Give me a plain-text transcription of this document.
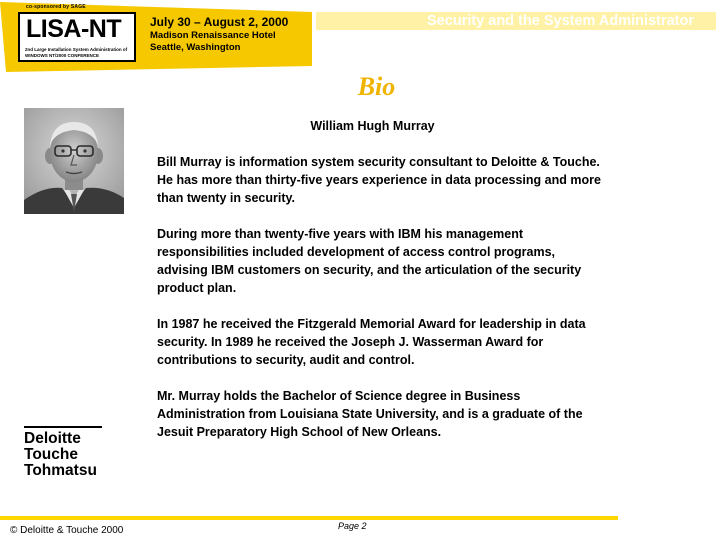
co-sponsored by SAGE
LISA-NT
2nd Large Installation System Administration of WINDOWS NT/2000 CONFERENCE
July 30 – August 2, 2000
Madison Renaissance Hotel
Seattle, Washington
Security and the System Administrator
Bio
William Hugh Murray

Bill Murray is information system security consultant to Deloitte & Touche. He has more than thirty-five years experience in data processing and more than twenty in security.

During more than twenty-five years with IBM his management responsibilities included development of access control programs, advising IBM customers on security, and the articulation of the security product plan.

In 1987 he received the Fitzgerald Memorial Award for leadership in data security. In 1989 he received the Joseph J. Wasserman Award for contributions to security, audit and control.

Mr. Murray holds the Bachelor of Science degree in Business Administration from Louisiana State University, and is a graduate of the Jesuit Preparatory High School of New Orleans.

Deloitte
Touche
Tohmatsu
© Deloitte & Touche 2000	Page 2
